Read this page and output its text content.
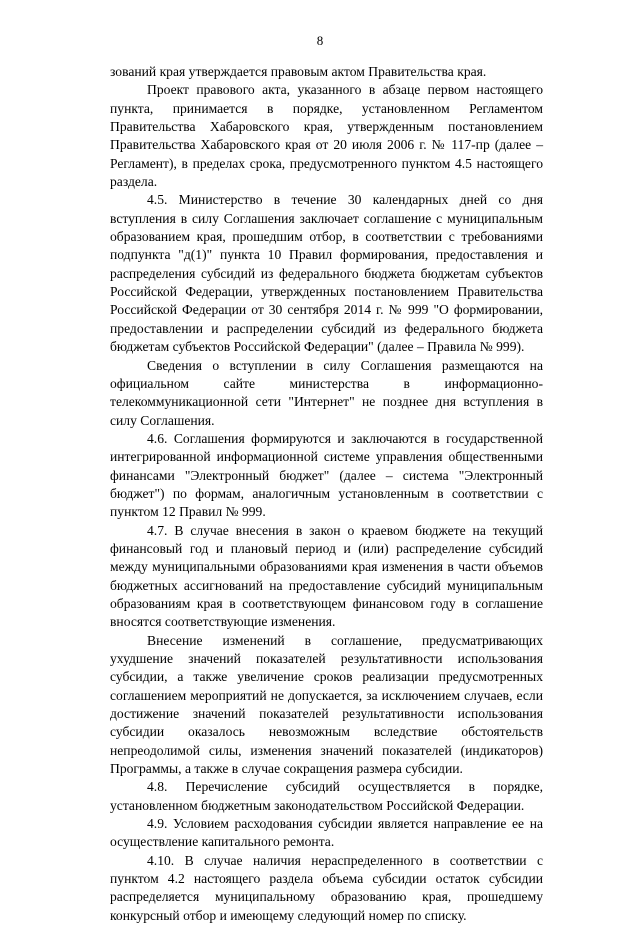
8

зований края утверждается правовым актом Правительства края.

Проект правового акта, указанного в абзаце первом настоящего пункта, принимается в порядке, установленном Регламентом Правительства Хабаровского края, утвержденным постановлением Правительства Хабаровского края от 20 июля 2006 г. № 117-пр (далее – Регламент), в пределах срока, предусмотренного пунктом 4.5 настоящего раздела.

4.5. Министерство в течение 30 календарных дней со дня вступления в силу Соглашения заключает соглашение с муниципальным образованием края, прошедшим отбор, в соответствии с требованиями подпункта "д(1)" пункта 10 Правил формирования, предоставления и распределения субсидий из федерального бюджета бюджетам субъектов Российской Федерации, утвержденных постановлением Правительства Российской Федерации от 30 сентября 2014 г. № 999 "О формировании, предоставлении и распределении субсидий из федерального бюджета бюджетам субъектов Российской Федерации" (далее – Правила № 999).

Сведения о вступлении в силу Соглашения размещаются на официальном сайте министерства в информационно-телекоммуникационной сети "Интернет" не позднее дня вступления в силу Соглашения.

4.6. Соглашения формируются и заключаются в государственной интегрированной информационной системе управления общественными финансами "Электронный бюджет" (далее – система "Электронный бюджет") по формам, аналогичным установленным в соответствии с пунктом 12 Правил № 999.

4.7. В случае внесения в закон о краевом бюджете на текущий финансовый год и плановый период и (или) распределение субсидий между муниципальными образованиями края изменения в части объемов бюджетных ассигнований на предоставление субсидий муниципальным образованиям края в соответствующем финансовом году в соглашение вносятся соответствующие изменения.

Внесение изменений в соглашение, предусматривающих ухудшение значений показателей результативности использования субсидии, а также увеличение сроков реализации предусмотренных соглашением мероприятий не допускается, за исключением случаев, если достижение значений показателей результативности использования субсидии оказалось невозможным вследствие обстоятельств непреодолимой силы, изменения значений показателей (индикаторов) Программы, а также в случае сокращения размера субсидии.

4.8. Перечисление субсидий осуществляется в порядке, установленном бюджетным законодательством Российской Федерации.

4.9. Условием расходования субсидии является направление ее на осуществление капитального ремонта.

4.10. В случае наличия нераспределенного в соответствии с пунктом 4.2 настоящего раздела объема субсидии остаток субсидии распределяется муниципальному образованию края, прошедшему конкурсный отбор и имеющему следующий номер по списку.
